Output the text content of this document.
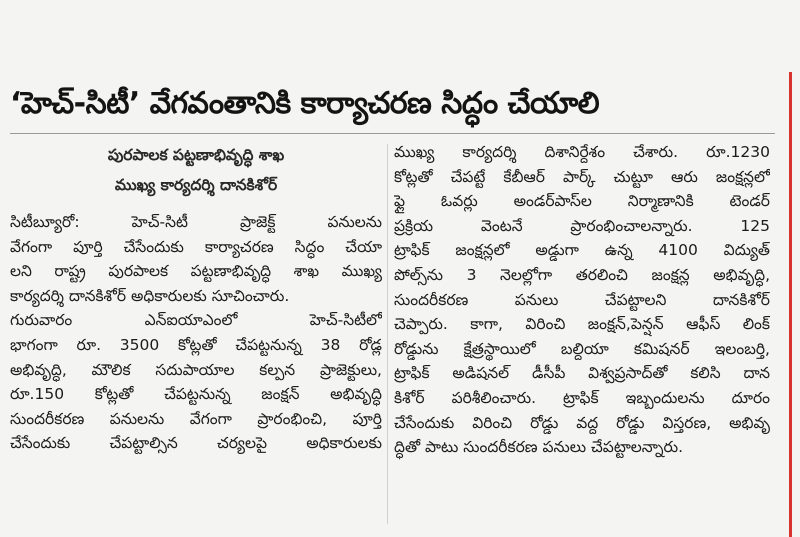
‘హెచ్-సిటీ’ వేగవంతానికి కార్యాచరణ సిద్ధం చేయాలి
పురపాలక పట్టణాభివృద్ధి శాఖ
ముఖ్య కార్యదర్శి దానకిశోర్
సిటీబ్యూరో: హెచ్-సిటీ ప్రాజెక్ట్ పనులను
వేగంగా పూర్తి చేసేందుకు కార్యాచరణ సిద్ధం చేయా
లని రాష్ట్ర పురపాలక పట్టణాభివృద్ధి శాఖ ముఖ్య
కార్యదర్శి దానకిశోర్ అధికారులకు సూచించారు.
గురువారం ఎన్ఐయాఎంలో హెచ్-సిటీలో
భాగంగా రూ. 3500 కోట్లతో చేపట్టనున్న 38 రోడ్ల
అభివృద్ధి, మౌలిక సదుపాయాల కల్పన ప్రాజెక్టులు,
రూ.150 కోట్లతో చేపట్టనున్న జంక్షన్ అభివృద్ధి
సుందరీకరణ పనులను వేగంగా ప్రారంభించి, పూర్తి
చేసేందుకు చేపట్టాల్సిన చర్యలపై అధికారులకు
ముఖ్య కార్యదర్శి దిశానిర్దేశం చేశారు. రూ.1230
కోట్లతో చేపట్టే కేబీఆర్ పార్క్ చుట్టూ ఆరు జంక్షన్లలో
ఫ్లై ఓవర్లు అండర్‌పాస్‌ల నిర్మాణానికి టెండర్
ప్రక్రియ వెంటనే ప్రారంభించాలన్నారు. 125
ట్రాఫిక్ జంక్షన్లలో అడ్డుగా ఉన్న 4100 విద్యుత్
పోల్స్‌ను 3 నెలల్లోగా తరలించి జంక్షన్ల అభివృద్ధి,
సుందరీకరణ పనులు చేపట్టాలని దానకిశోర్
చెప్పారు. కాగా, విరించి జంక్షన్,పెన్షన్ ఆఫీస్ లింక్
రోడ్డును క్షేత్రస్థాయిలో బల్దియా కమిషనర్ ఇలంబర్తి,
ట్రాఫిక్ అడిషనల్ డీసీపీ విశ్వప్రసాద్‌తో కలిసి దాన
కిశోర్ పరిశీలించారు. ట్రాఫిక్ ఇబ్బందులను దూరం
చేసేందుకు విరించి రోడ్డు వద్ద రోడ్డు విస్తరణ, అభివృ
ద్ధితో పాటు సుందరీకరణ పనులు చేపట్టాలన్నారు.
